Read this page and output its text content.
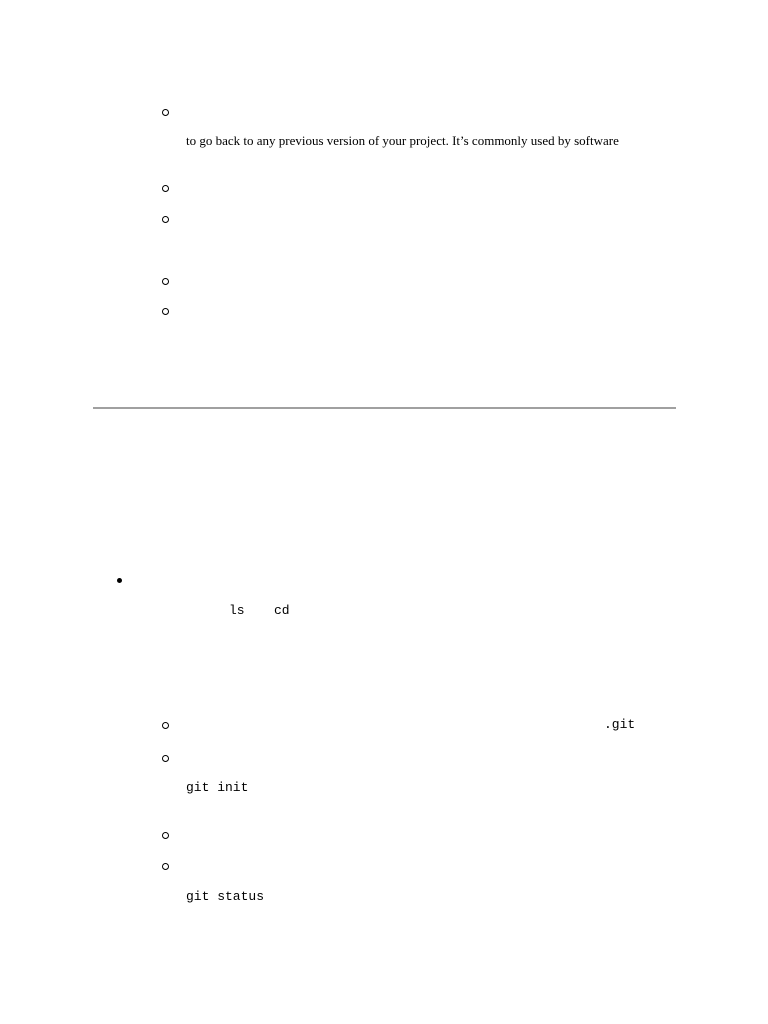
to go back to any previous version of your project. It’s commonly used by software
ls cd
.git
git init
git status
